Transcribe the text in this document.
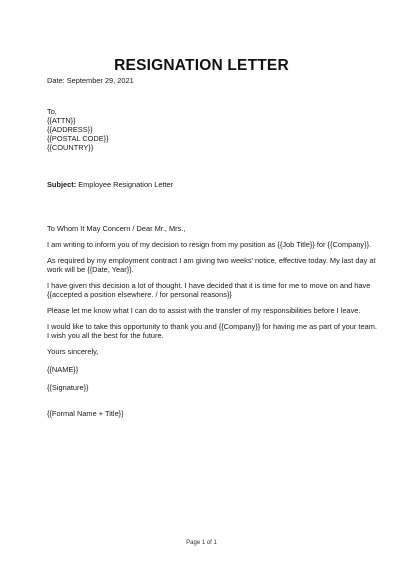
RESIGNATION LETTER

Date: September 29, 2021

To,

{{ATTN}}

{{ADDRESS}}

{{POSTAL CODE}}

{{COUNTRY}}

Subject: Employee Resignation Letter

To Whom It May Concern / Dear Mr., Mrs.,

I am writing to inform you of my decision to resign from my position as {{Job Title}} for {{Company}}.

As required by my employment contract I am giving two weeks' notice, effective today. My last day at

work will be {{Date, Year}}.

I have given this decision a lot of thought. I have decided that it is time for me to move on and have

{{accepted a position elsewhere. / for personal reasons}}

Please let me know what I can do to assist with the transfer of my responsibilities before I leave.

I would like to take this opportunity to thank you and {{Company}} for having me as part of your team.

I wish you all the best for the future.

Yours sincerely,

{{NAME}}

{{Signature}}

{{Formal Name + Title}}

Page 1 of 1
